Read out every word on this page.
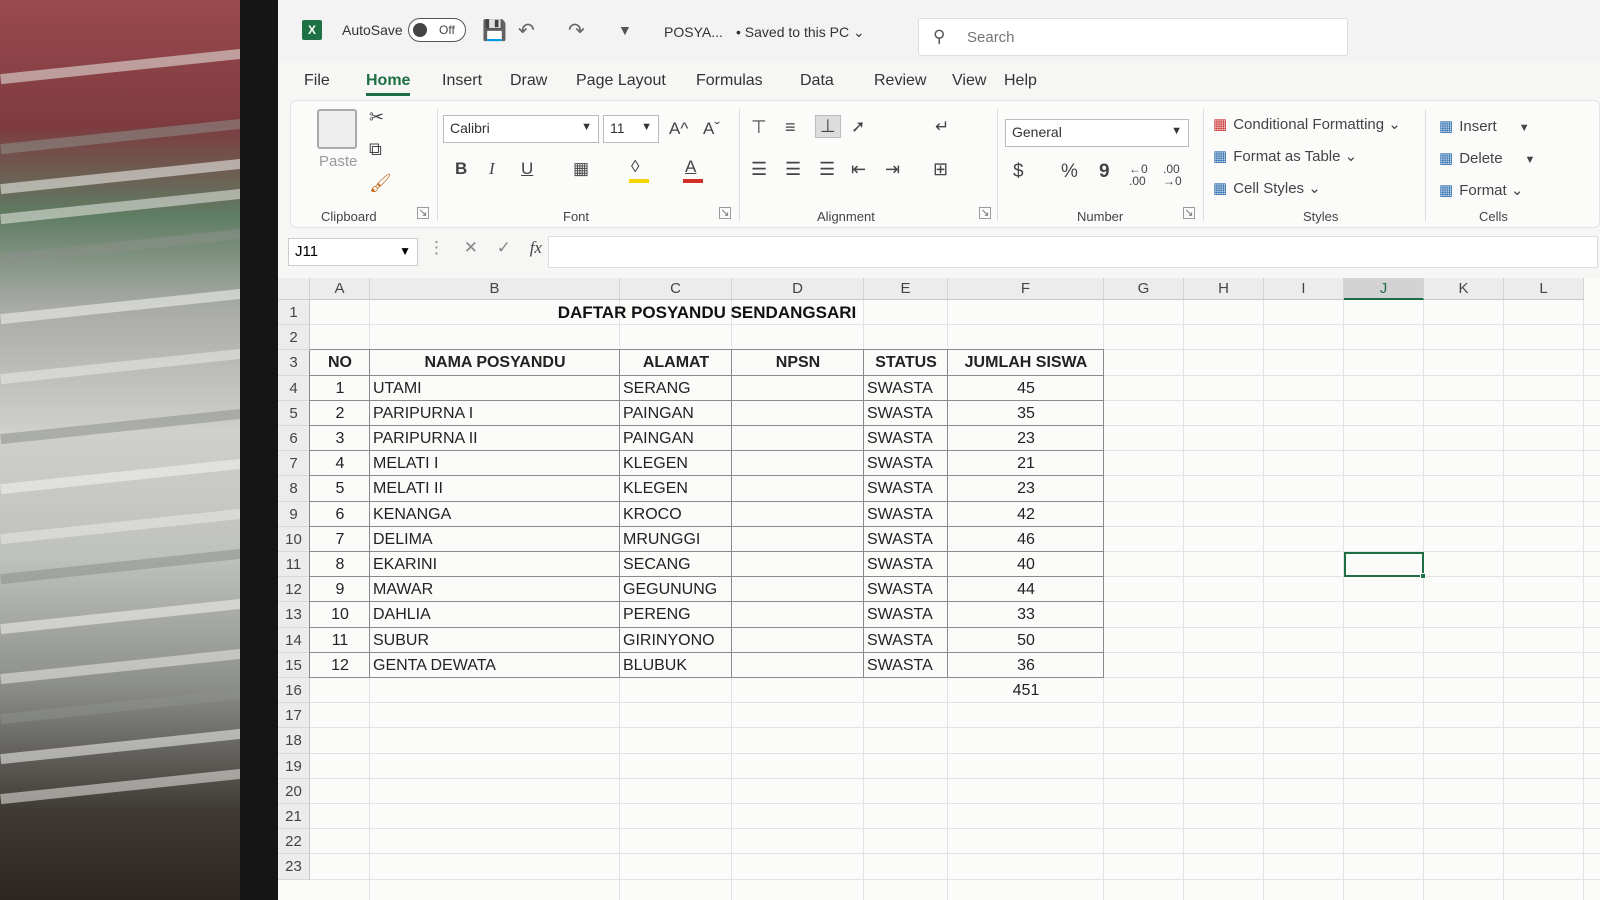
X	AutoSave	Off 💾 ↶ ↷ ▼ POSYA... • Saved to this PC ⌄	⚲
Search
File Home Insert Draw Page Layout Formulas Data	Review View Help
Paste
✂
⧉
🖌
Clipboard	↘
Calibri	▼	11 ▼ A^ Aˇ
B I U ▦ ◊	A
Font	↘
⊤ ≡ ⊥ ➚	↵
☰ ☰ ☰ ⇤ ⇥ ⊞
Alignment	↘
General	▼
$ % 9 ←0 .00
.00 →0
Number	↘
▦ Conditional Formatting ⌄
▦ Format as Table ⌄
▦ Cell Styles ⌄
Styles
▦ Insert ▼
▦ Delete ▼
▦ Format ⌄
Cells
J11	▼ ⋮ ✕ ✓ fx
A	B	C	D	E	F	G	H	I	J	K	L
1
2
3
4
5
6
7
8
9
10
11
12
13
14
15
16
17
18
19
20
21
22
23
DAFTAR POSYANDU SENDANGSARI
NO	NAMA POSYANDU	ALAMAT	NPSN	STATUS	JUMLAH SISWA
1	UTAMI	SERANG	SWASTA	45
2	PARIPURNA I	PAINGAN	SWASTA	35
3	PARIPURNA II	PAINGAN	SWASTA	23
4	MELATI I	KLEGEN	SWASTA	21
5	MELATI II	KLEGEN	SWASTA	23
6	KENANGA	KROCO	SWASTA	42
7	DELIMA	MRUNGGI	SWASTA	46
8	EKARINI	SECANG	SWASTA	40
9	MAWAR	GEGUNUNG	SWASTA	44
10	DAHLIA	PERENG	SWASTA	33
11	SUBUR	GIRINYONO	SWASTA	50
12	GENTA DEWATA	BLUBUK	SWASTA	36
451
